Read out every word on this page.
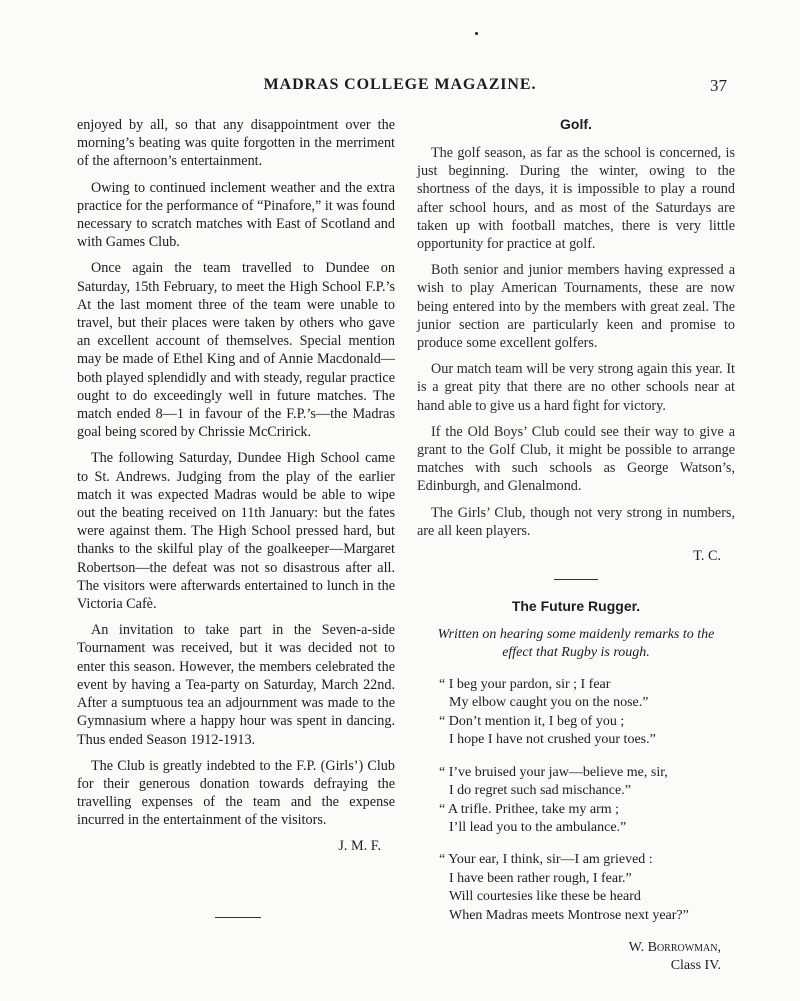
MADRAS COLLEGE MAGAZINE.	37

enjoyed by all, so that any disappointment over the morning’s beating was quite forgotten in the merriment of the afternoon’s entertainment.

Owing to continued inclement weather and the extra practice for the performance of “Pinafore,” it was found necessary to scratch matches with East of Scotland and with Games Club.

Once again the team travelled to Dundee on Saturday, 15th February, to meet the High School F.P.’s At the last moment three of the team were unable to travel, but their places were taken by others who gave an excellent account of themselves. Special mention may be made of Ethel King and of Annie Macdonald—both played splendidly and with steady, regular practice ought to do exceedingly well in future matches. The match ended 8—1 in favour of the F.P.’s—the Madras goal being scored by Chrissie McCririck.

The following Saturday, Dundee High School came to St. Andrews. Judging from the play of the earlier match it was expected Madras would be able to wipe out the beating received on 11th January: but the fates were against them. The High School pressed hard, but thanks to the skilful play of the goalkeeper—Margaret Robertson—the defeat was not so disastrous after all. The visitors were afterwards entertained to lunch in the Victoria Cafè.

An invitation to take part in the Seven-a-side Tournament was received, but it was decided not to enter this season. However, the members celebrated the event by having a Tea-party on Saturday, March 22nd. After a sumptuous tea an adjournment was made to the Gymnasium where a happy hour was spent in dancing. Thus ended Season 1912-1913.

The Club is greatly indebted to the F.P. (Girls’) Club for their generous donation towards defraying the travelling expenses of the team and the expense incurred in the entertainment of the visitors.

J. M. F.
Golf.

The golf season, as far as the school is concerned, is just beginning. During the winter, owing to the shortness of the days, it is impossible to play a round after school hours, and as most of the Saturdays are taken up with football matches, there is very little opportunity for practice at golf.

Both senior and junior members having expressed a wish to play American Tournaments, these are now being entered into by the members with great zeal. The junior section are particularly keen and promise to produce some excellent golfers.

Our match team will be very strong again this year. It is a great pity that there are no other schools near at hand able to give us a hard fight for victory.

If the Old Boys’ Club could see their way to give a grant to the Golf Club, it might be possible to arrange matches with such schools as George Watson’s, Edinburgh, and Glenalmond.

The Girls’ Club, though not very strong in numbers, are all keen players.

T. C.
The Future Rugger.
Written on hearing some maidenly remarks to the effect that Rugby is rough.
“ I beg your pardon, sir ; I fear
My elbow caught you on the nose.”
“ Don’t mention it, I beg of you ;
I hope I have not crushed your toes.”
“ I’ve bruised your jaw—believe me, sir,
I do regret such sad mischance.”
“ A trifle. Prithee, take my arm ;
I’ll lead you to the ambulance.”
“ Your ear, I think, sir—I am grieved :
I have been rather rough, I fear.”
Will courtesies like these be heard
When Madras meets Montrose next year?”
W. Borrowman,
Class IV.
